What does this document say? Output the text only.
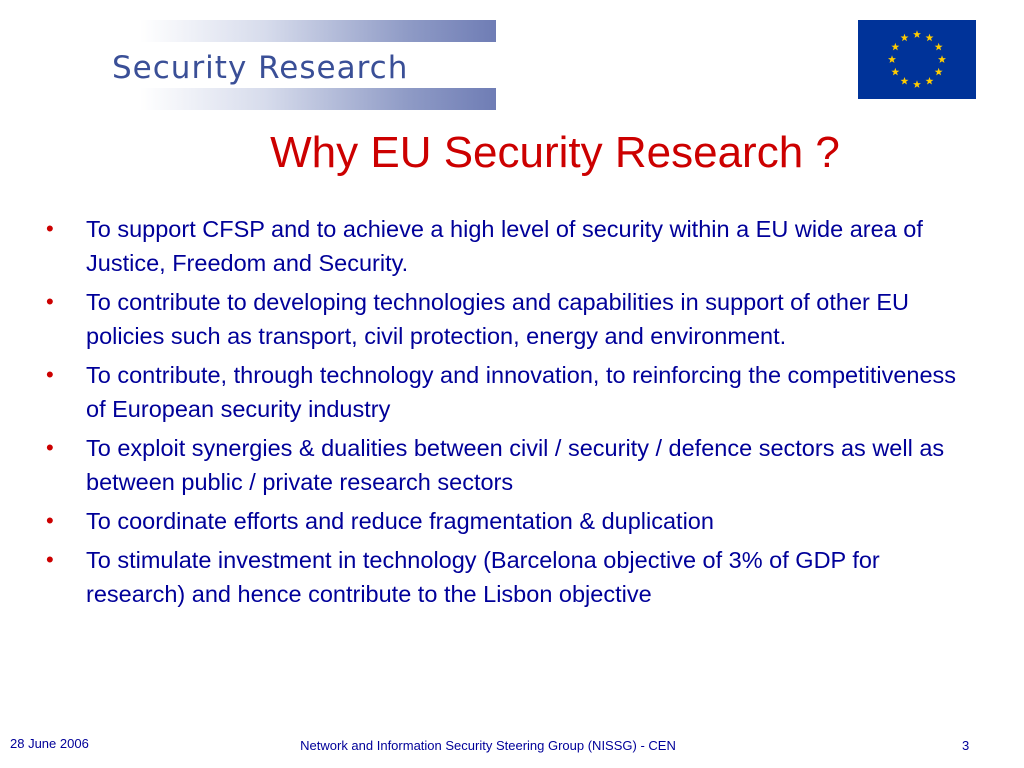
Security Research
Why EU Security Research ?
• To support CFSP and to achieve a high level of security within a EU wide area of Justice, Freedom and Security.
• To contribute to developing technologies and capabilities in support of other EU policies such as transport, civil protection, energy and environment.
• To contribute, through technology and innovation, to reinforcing the competitiveness of European security industry
• To exploit synergies & dualities between civil / security / defence sectors as well as between public / private research sectors
• To coordinate efforts and reduce fragmentation & duplication
• To stimulate investment in technology (Barcelona objective of 3% of GDP for research) and hence contribute to the Lisbon objective
28 June 2006	Network and Information Security Steering Group (NISSG) - CEN	3
